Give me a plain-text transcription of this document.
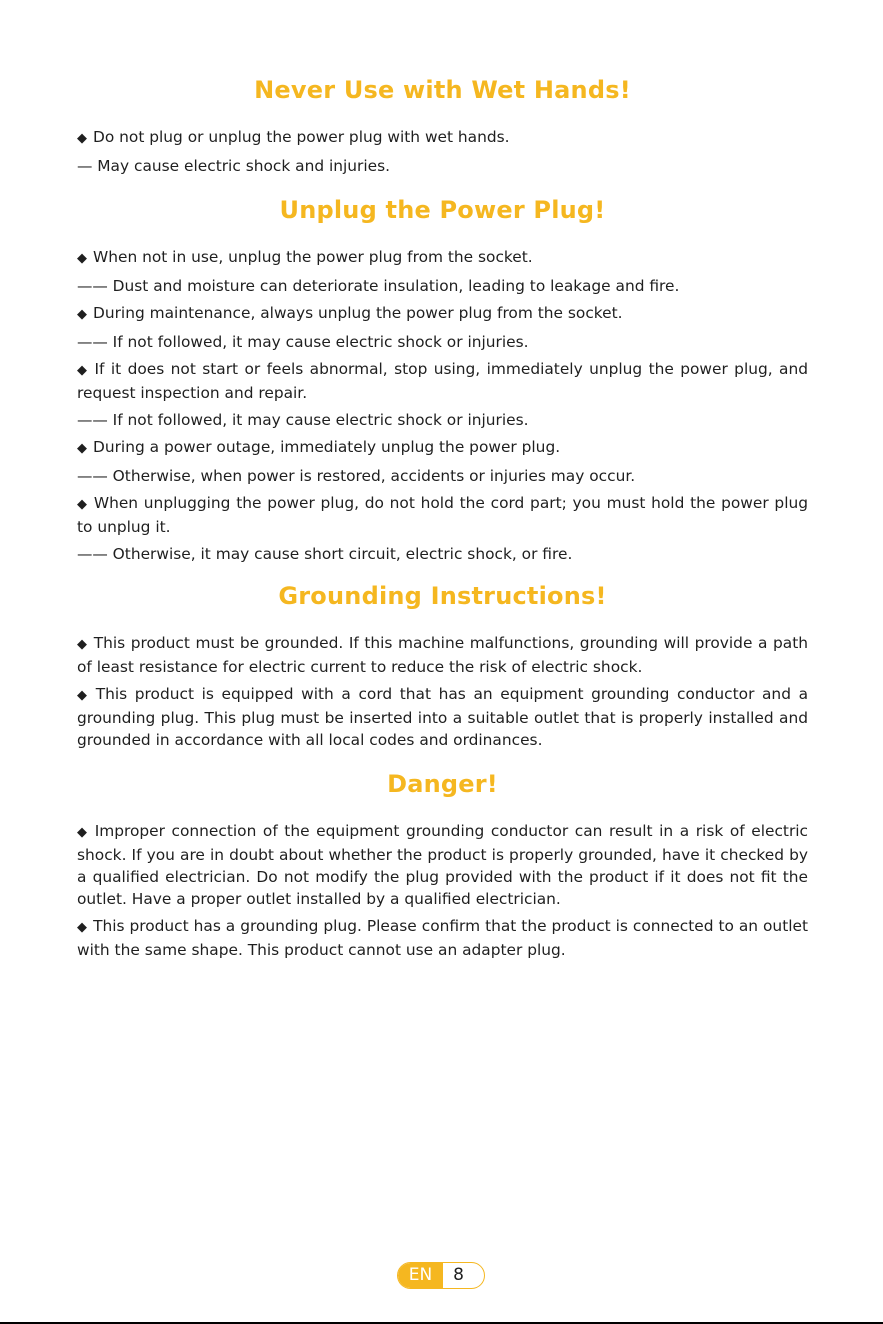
Never Use with Wet Hands!

◆ Do not plug or unplug the power plug with wet hands.

— May cause electric shock and injuries.

Unplug the Power Plug!

◆ When not in use, unplug the power plug from the socket.

—— Dust and moisture can deteriorate insulation, leading to leakage and fire.

◆ During maintenance, always unplug the power plug from the socket.

—— If not followed, it may cause electric shock or injuries.

◆ If it does not start or feels abnormal, stop using, immediately unplug the power plug, and request inspection and repair.

—— If not followed, it may cause electric shock or injuries.

◆ During a power outage, immediately unplug the power plug.

—— Otherwise, when power is restored, accidents or injuries may occur.

◆ When unplugging the power plug, do not hold the cord part; you must hold the power plug to unplug it.

—— Otherwise, it may cause short circuit, electric shock, or fire.

Grounding Instructions!

◆ This product must be grounded. If this machine malfunctions, grounding will provide a path of least resistance for electric current to reduce the risk of electric shock.

◆ This product is equipped with a cord that has an equipment grounding conductor and a grounding plug. This plug must be inserted into a suitable outlet that is properly installed and grounded in accordance with all local codes and ordinances.

Danger!

◆ Improper connection of the equipment grounding conductor can result in a risk of electric shock. If you are in doubt about whether the product is properly grounded, have it checked by a qualified electrician. Do not modify the plug provided with the product if it does not fit the outlet. Have a proper outlet installed by a qualified electrician.

◆ This product has a grounding plug. Please confirm that the product is connected to an outlet with the same shape. This product cannot use an adapter plug.

EN	8
